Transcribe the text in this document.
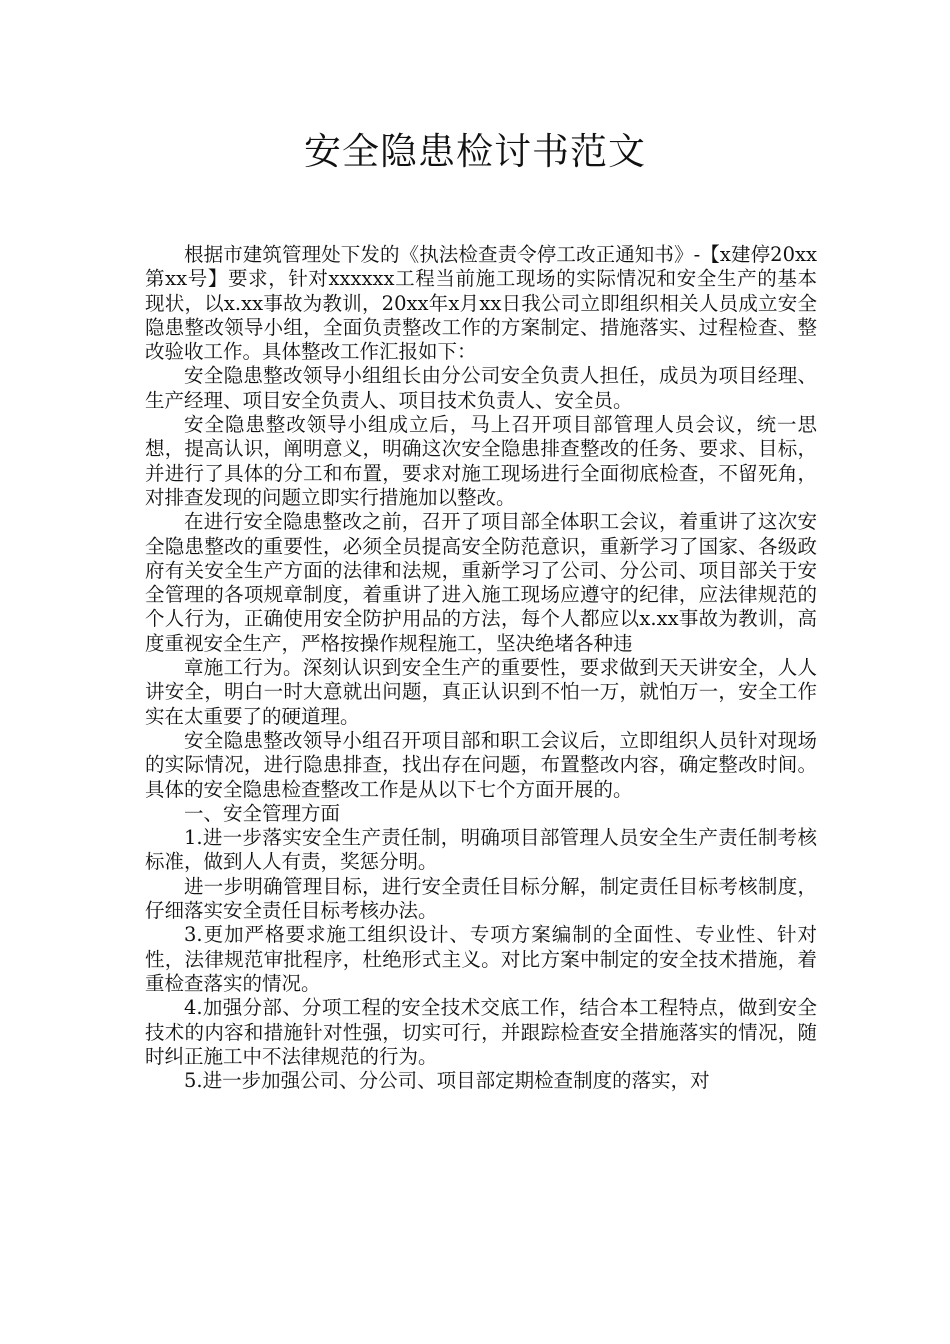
安全隐患检讨书范文

根据市建筑管理处下发的《执法检查责令停工改正通知书》-【x建停20xx第xx号】要求，针对xxxxxx工程当前施工现场的实际情况和安全生产的基本现状，以x.xx事故为教训，20xx年x月xx日我公司立即组织相关人员成立安全隐患整改领导小组，全面负责整改工作的方案制定、措施落实、过程检查、整改验收工作。具体整改工作汇报如下：

安全隐患整改领导小组组长由分公司安全负责人担任，成员为项目经理、生产经理、项目安全负责人、项目技术负责人、安全员。

安全隐患整改领导小组成立后，马上召开项目部管理人员会议，统一思想，提高认识，阐明意义，明确这次安全隐患排查整改的任务、要求、目标，并进行了具体的分工和布置，要求对施工现场进行全面彻底检查，不留死角，对排查发现的问题立即实行措施加以整改。

在进行安全隐患整改之前，召开了项目部全体职工会议，着重讲了这次安全隐患整改的重要性，必须全员提高安全防范意识，重新学习了国家、各级政府有关安全生产方面的法律和法规，重新学习了公司、分公司、项目部关于安全管理的各项规章制度，着重讲了进入施工现场应遵守的纪律，应法律规范的个人行为，正确使用安全防护用品的方法，每个人都应以x.xx事故为教训，高度重视安全生产，严格按操作规程施工，坚决绝堵各种违

章施工行为。深刻认识到安全生产的重要性，要求做到天天讲安全，人人讲安全，明白一时大意就出问题，真正认识到不怕一万，就怕万一，安全工作实在太重要了的硬道理。

安全隐患整改领导小组召开项目部和职工会议后，立即组织人员针对现场的实际情况，进行隐患排查，找出存在问题，布置整改内容，确定整改时间。具体的安全隐患检查整改工作是从以下七个方面开展的。

一、安全管理方面

1.进一步落实安全生产责任制，明确项目部管理人员安全生产责任制考核标准，做到人人有责，奖惩分明。

进一步明确管理目标，进行安全责任目标分解，制定责任目标考核制度，仔细落实安全责任目标考核办法。

3.更加严格要求施工组织设计、专项方案编制的全面性、专业性、针对性，法律规范审批程序，杜绝形式主义。对比方案中制定的安全技术措施，着重检查落实的情况。

4.加强分部、分项工程的安全技术交底工作，结合本工程特点，做到安全技术的内容和措施针对性强，切实可行，并跟踪检查安全措施落实的情况，随时纠正施工中不法律规范的行为。

5.进一步加强公司、分公司、项目部定期检查制度的落实，对
